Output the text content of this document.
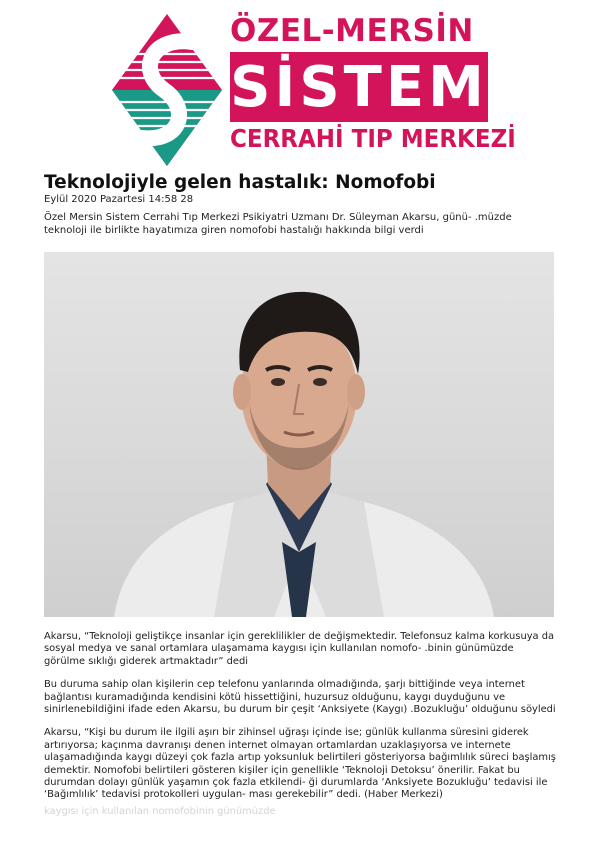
ÖZEL-MERSİN
SİSTEM
CERRAHİ TIP MERKEZİ
Teknolojiyle gelen hastalık: Nomofobi
Eylül 2020 Pazartesi 14:58 28

Özel Mersin Sistem Cerrahi Tıp Merkezi Psikiyatri Uzmanı Dr. Süleyman Akarsu, günü- .müzde teknoloji ile birlikte hayatımıza giren nomofobi hastalığı hakkında bilgi verdi

Akarsu, “Teknoloji geliştikçe insanlar için gereklilikler de değişmektedir. Telefonsuz kalma korkusuya da sosyal medya ve sanal ortamlara ulaşamama kaygısı için kullanılan nomofo- .binin günümüzde görülme sıklığı giderek artmaktadır” dedi

Bu duruma sahip olan kişilerin cep telefonu yanlarında olmadığında, şarjı bittiğinde veya internet bağlantısı kuramadığında kendisini kötü hissettiğini, huzursuz olduğunu, kaygı duyduğunu ve sinirlenebildiğini ifade eden Akarsu, bu durum bir çeşit ‘Anksiyete (Kaygı) .Bozukluğu’ olduğunu söyledi

Akarsu, “Kişi bu durum ile ilgili aşırı bir zihinsel uğraşı içinde ise; günlük kullanma süresini giderek artırıyorsa; kaçınma davranışı denen internet olmayan ortamlardan uzaklaşıyorsa ve internete ulaşamadığında kaygı düzeyi çok fazla artıp yoksunluk belirtileri gösteriyorsa bağımlılık süreci başlamış demektir. Nomofobi belirtileri gösteren kişiler için genellikle ‘Teknoloji Detoksu’ önerilir. Fakat bu durumdan dolayı günlük yaşamın çok fazla etkilendi- ği durumlarda ‘Anksiyete Bozukluğu’ tedavisi ile ‘Bağımlılık’ tedavisi protokolleri uygulan- ması gerekebilir” dedi. (Haber Merkezi)

kaygısı için kullanılan nomofobinin günümüzde
